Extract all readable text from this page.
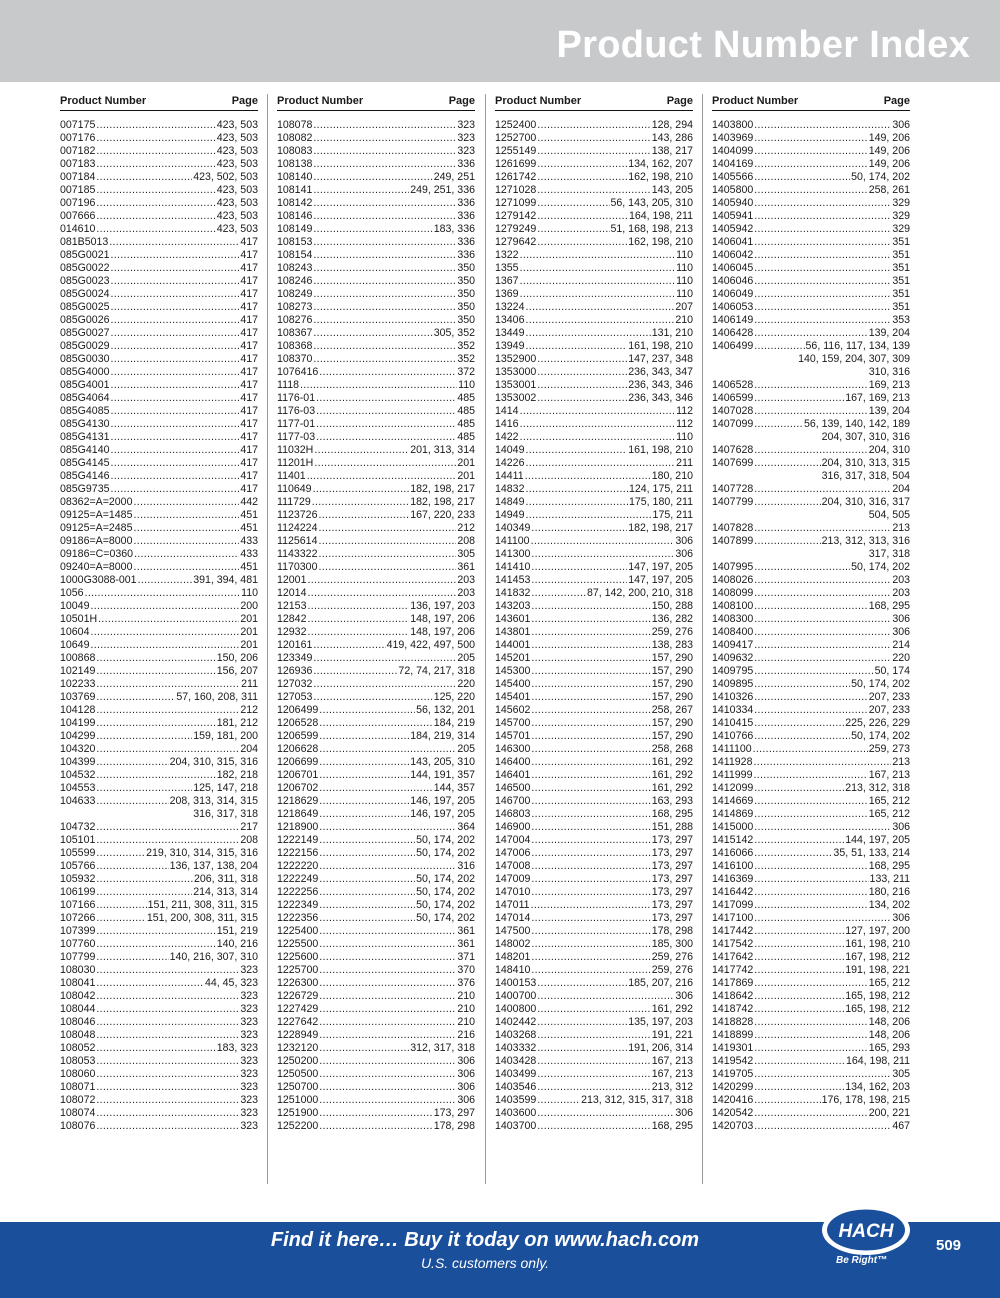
Product Number Index
Product Number	Page
007175 .....	423, 503
007176 .....	423, 503
007182 .....	423, 503
007183 .....	423, 503
007184 .....	423, 502, 503
007185 .....	423, 503
007196 .....	423, 503
007666 .....	423, 503
014610 .....	423, 503
081B5013 .....	417
085G0021 .....	417
085G0022 .....	417
085G0023 .....	417
085G0024 .....	417
085G0025 .....	417
085G0026 .....	417
085G0027 .....	417
085G0029 .....	417
085G0030 .....	417
085G4000 .....	417
085G4001 .....	417
085G4064 .....	417
085G4085 .....	417
085G4130 .....	417
085G4131 .....	417
085G4140 .....	417
085G4145 .....	417
085G4146 .....	417
085G9735 .....	417
08362=A=2000 .....	442
09125=A=1485 .....	451
09125=A=2485 .....	451
09186=A=8000 .....	433
09186=C=0360 .....	433
09240=A=8000 .....	451
1000G3088-001 .....	391, 394, 481
1056 .....	110
10049 .....	200
10501H .....	201
10604 .....	201
10649 .....	201
100868 .....	150, 206
102149 .....	156, 207
102233 .....	211
103769 .....	57, 160, 208, 311
104128 .....	212
104199 .....	181, 212
104299 .....	159, 181, 200
104320 .....	204
104399 .....	204, 310, 315, 316
104532 .....	182, 218
104553 .....	125, 147, 218
104633 .....	208, 313, 314, 315
316, 317, 318
104732 .....	217
105101 .....	208
105599 .....	219, 310, 314, 315, 316
105766 .....	136, 137, 138, 204
105932 .....	206, 311, 318
106199 .....	214, 313, 314
107166 .....	151, 211, 308, 311, 315
107266 .....	151, 200, 308, 311, 315
107399 .....	151, 219
107760 .....	140, 216
107799 .....	140, 216, 307, 310
108030 .....	323
108041 .....	44, 45, 323
108042 .....	323
108044 .....	323
108046 .....	323
108048 .....	323
108052 .....	183, 323
108053 .....	323
108060 .....	323
108071 .....	323
108072 .....	323
108074 .....	323
108076 .....	323
Product Number	Page
108078 .....	323
108082 .....	323
108083 .....	323
108138 .....	336
108140 .....	249, 251
108141 .....	249, 251, 336
108142 .....	336
108146 .....	336
108149 .....	183, 336
108153 .....	336
108154 .....	336
108243 .....	350
108246 .....	350
108249 .....	350
108273 .....	350
108276 .....	350
108367 .....	305, 352
108368 .....	352
108370 .....	352
1076416 .....	372
1118 .....	110
1176-01 .....	485
1176-03 .....	485
1177-01 .....	485
1177-03 .....	485
11032H .....	201, 313, 314
11201H .....	201
11401 .....	201
110649 .....	182, 198, 217
111729 .....	182, 198, 217
1123726 .....	167, 220, 233
1124224 .....	212
1125614 .....	208
1143322 .....	305
1170300 .....	361
12001 .....	203
12014 .....	203
12153 .....	136, 197, 203
12842 .....	148, 197, 206
12932 .....	148, 197, 206
120161 .....	419, 422, 497, 500
123349 .....	205
126936 .....	72, 74, 217, 318
127032 .....	220
127053 .....	125, 220
1206499 .....	56, 132, 201
1206528 .....	184, 219
1206599 .....	184, 219, 314
1206628 .....	205
1206699 .....	143, 205, 310
1206701 .....	144, 191, 357
1206702 .....	144, 357
1218629 .....	146, 197, 205
1218649 .....	146, 197, 205
1218900 .....	364
1222149 .....	50, 174, 202
1222156 .....	50, 174, 202
1222220 .....	316
1222249 .....	50, 174, 202
1222256 .....	50, 174, 202
1222349 .....	50, 174, 202
1222356 .....	50, 174, 202
1225400 .....	361
1225500 .....	361
1225600 .....	371
1225700 .....	370
1226300 .....	376
1226729 .....	210
1227429 .....	210
1227642 .....	210
1228949 .....	216
1232120 .....	312, 317, 318
1250200 .....	306
1250500 .....	306
1250700 .....	306
1251000 .....	306
1251900 .....	173, 297
1252200 .....	178, 298
Product Number	Page
1252400 .....	128, 294
1252700 .....	143, 286
1255149 .....	138, 217
1261699 .....	134, 162, 207
1261742 .....	162, 198, 210
1271028 .....	143, 205
1271099 .....	56, 143, 205, 310
1279142 .....	164, 198, 211
1279249 .....	51, 168, 198, 213
1279642 .....	162, 198, 210
1322 .....	110
1355 .....	110
1367 .....	110
1369 .....	110
13224 .....	207
13406 .....	210
13449 .....	131, 210
13949 .....	161, 198, 210
1352900 .....	147, 237, 348
1353000 .....	236, 343, 347
1353001 .....	236, 343, 346
1353002 .....	236, 343, 346
1414 .....	112
1416 .....	112
1422 .....	110
14049 .....	161, 198, 210
14226 .....	211
14411 .....	180, 210
14832 .....	124, 175, 211
14849 .....	175, 180, 211
14949 .....	175, 211
140349 .....	182, 198, 217
141100 .....	306
141300 .....	306
141410 .....	147, 197, 205
141453 .....	147, 197, 205
141832 .....	87, 142, 200, 210, 318
143203 .....	150, 288
143601 .....	136, 282
143801 .....	259, 276
144001 .....	138, 283
145201 .....	157, 290
145300 .....	157, 290
145400 .....	157, 290
145401 .....	157, 290
145602 .....	258, 267
145700 .....	157, 290
145701 .....	157, 290
146300 .....	258, 268
146400 .....	161, 292
146401 .....	161, 292
146500 .....	161, 292
146700 .....	163, 293
146803 .....	168, 295
146900 .....	151, 288
147004 .....	173, 297
147006 .....	173, 297
147008 .....	173, 297
147009 .....	173, 297
147010 .....	173, 297
147011 .....	173, 297
147014 .....	173, 297
147500 .....	178, 298
148002 .....	185, 300
148201 .....	259, 276
148410 .....	259, 276
1400153 .....	185, 207, 216
1400700 .....	306
1400800 .....	161, 292
1402442 .....	135, 197, 203
1403268 .....	191, 221
1403332 .....	191, 206, 314
1403428 .....	167, 213
1403499 .....	167, 213
1403546 .....	213, 312
1403599 .....	213, 312, 315, 317, 318
1403600 .....	306
1403700 .....	168, 295
Product Number	Page
1403800 .....	306
1403969 .....	149, 206
1404099 .....	149, 206
1404169 .....	149, 206
1405566 .....	50, 174, 202
1405800 .....	258, 261
1405940 .....	329
1405941 .....	329
1405942 .....	329
1406041 .....	351
1406042 .....	351
1406045 .....	351
1406046 .....	351
1406049 .....	351
1406053 .....	351
1406149 .....	353
1406428 .....	139, 204
1406499 .....	56, 116, 117, 134, 139
140, 159, 204, 307, 309
310, 316
1406528 .....	169, 213
1406599 .....	167, 169, 213
1407028 .....	139, 204
1407099 .....	56, 139, 140, 142, 189
204, 307, 310, 316
1407628 .....	204, 310
1407699 .....	204, 310, 313, 315
316, 317, 318, 504
1407728 .....	204
1407799 .....	204, 310, 316, 317
504, 505
1407828 .....	213
1407899 .....	213, 312, 313, 316
317, 318
1407995 .....	50, 174, 202
1408026 .....	203
1408099 .....	203
1408100 .....	168, 295
1408300 .....	306
1408400 .....	306
1409417 .....	214
1409632 .....	220
1409795 .....	50, 174
1409895 .....	50, 174, 202
1410326 .....	207, 233
1410334 .....	207, 233
1410415 .....	225, 226, 229
1410766 .....	50, 174, 202
1411100 .....	259, 273
1411928 .....	213
1411999 .....	167, 213
1412099 .....	213, 312, 318
1414669 .....	165, 212
1414869 .....	165, 212
1415000 .....	306
1415142 .....	144, 197, 205
1416066 .....	35, 51, 133, 214
1416100 .....	168, 295
1416369 .....	133, 211
1416442 .....	180, 216
1417099 .....	134, 202
1417100 .....	306
1417442 .....	127, 197, 200
1417542 .....	161, 198, 210
1417642 .....	167, 198, 212
1417742 .....	191, 198, 221
1417869 .....	165, 212
1418642 .....	165, 198, 212
1418742 .....	165, 198, 212
1418828 .....	148, 206
1418899 .....	148, 206
1419301 .....	165, 293
1419542 .....	164, 198, 211
1419705 .....	305
1420299 .....	134, 162, 203
1420416 .....	176, 178, 198, 215
1420542 .....	200, 221
1420703 .....	467
Find it here… Buy it today on www.hach.com
U.S. customers only.
HACH
Be Right™
509
